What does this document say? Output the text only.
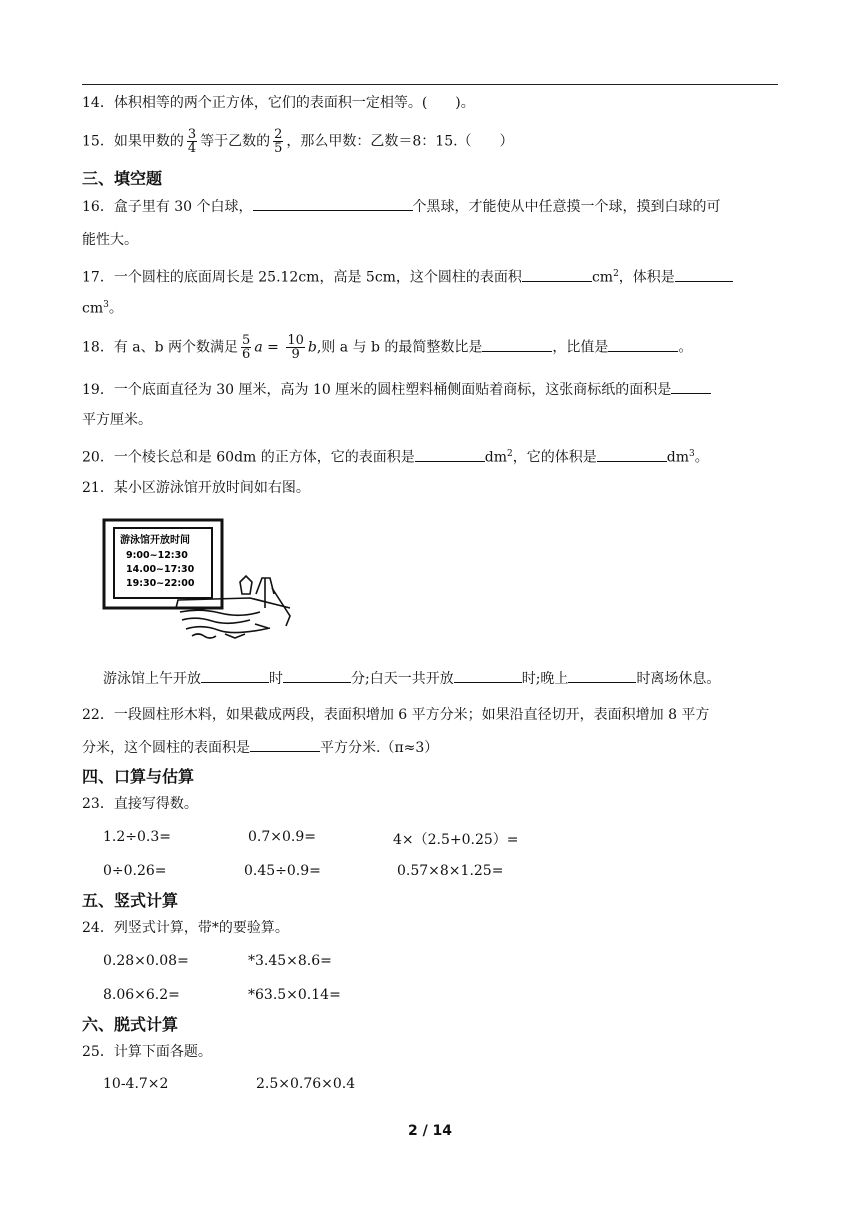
14．体积相等的两个正方体，它们的表面积一定相等。(　　)。
15．如果甲数的 $\frac{3}{4}$ 等于乙数的 $\frac{2}{5}$ ，那么甲数：乙数＝8：15.（　　）
三、填空题
16．盒子里有 30 个白球，	个黑球，才能使从中任意摸一个球，摸到白球的可
能性大。
17．一个圆柱的底面周长是 25.12cm，高是 5cm，这个圆柱的表面积	$cm^2$，体积是
$cm^3$。
18．有 a、b 两个数满足 $\frac{5}{6}$ $a = \frac{10}{9} b$,则 a 与 b 的最简整数比是	，比值是	。
19．一个底面直径为 30 厘米，高为 10 厘米的圆柱塑料桶侧面贴着商标，这张商标纸的面积是
平方厘米。
20．一个棱长总和是 60dm 的正方体，它的表面积是	$dm^2$，它的体积是	$dm^3$。
21．某小区游泳馆开放时间如右图。
游泳馆开放时间
9:00~12:30
14.00~17:30
19:30~22:00
游泳馆上午开放	时	分;白天一共开放	时;晚上	时离场休息。
22．一段圆柱形木料，如果截成两段，表面积增加 6 平方分米；如果沿直径切开，表面积增加 8 平方
分米，这个圆柱的表面积是	平方分米.（π≈3）
四、口算与估算
23．直接写得数。
1.2÷0.3=	0.7×0.9=	4×（2.5+0.25）=
0÷0.26=	0.45÷0.9=	0.57×8×1.25=
五、竖式计算
24．列竖式计算，带*的要验算。
0.28×0.08=	*3.45×8.6=
8.06×6.2=	*63.5×0.14=
六、脱式计算
25．计算下面各题。
10-4.7×2	2.5×0.76×0.4
2 / 14
